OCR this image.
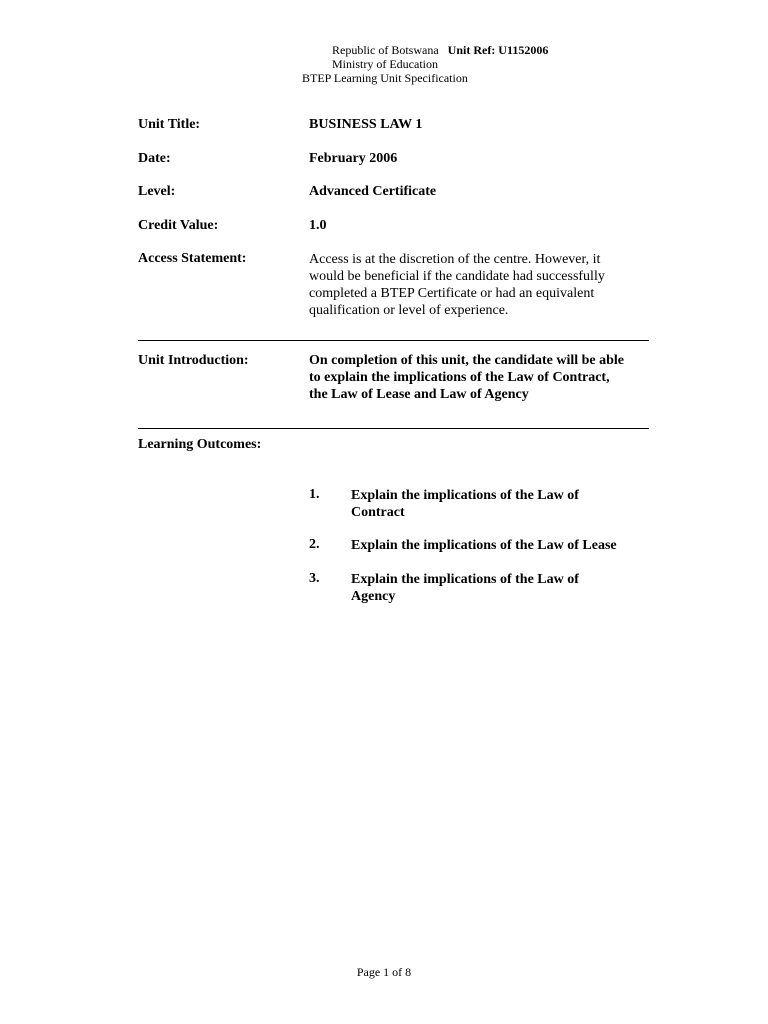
Republic of Botswana Unit Ref: U1152006
Ministry of Education
BTEP Learning Unit Specification
Unit Title:	BUSINESS LAW 1
Date:	February 2006
Level:	Advanced Certificate
Credit Value:	1.0
Access Statement:	Access is at the discretion of the centre. However, it
would be beneficial if the candidate had successfully
completed a BTEP Certificate or had an equivalent
qualification or level of experience.
Unit Introduction:	On completion of this unit, the candidate will be able
to explain the implications of the Law of Contract,
the Law of Lease and Law of Agency
Learning Outcomes:
1. Explain the implications of the Law of
Contract
2. Explain the implications of the Law of Lease
3. Explain the implications of the Law of
Agency
Page 1 of 8
